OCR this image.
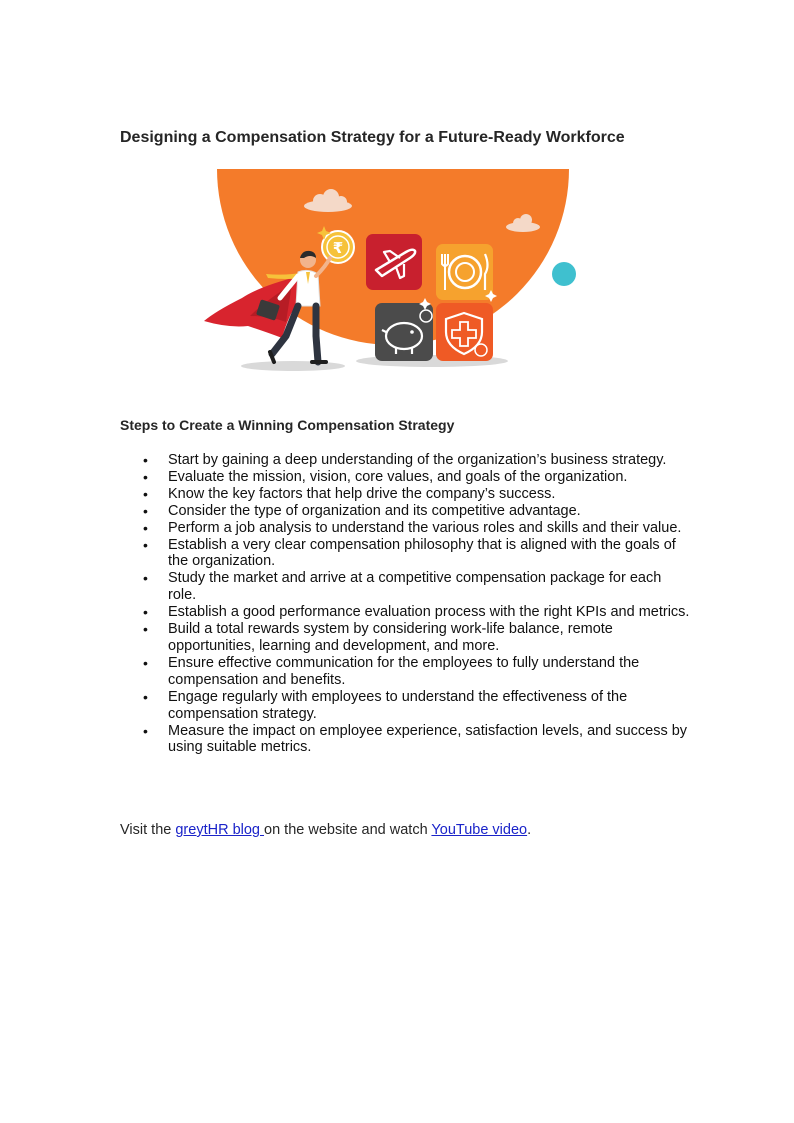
Designing a Compensation Strategy for a Future-Ready Workforce
₹
Steps to Create a Winning Compensation Strategy
• Start by gaining a deep understanding of the organization’s business strategy.
• Evaluate the mission, vision, core values, and goals of the organization.
• Know the key factors that help drive the company’s success.
• Consider the type of organization and its competitive advantage.
• Perform a job analysis to understand the various roles and skills and their value.
• Establish a very clear compensation philosophy that is aligned with the goals of the organization.
• Study the market and arrive at a competitive compensation package for each role.
• Establish a good performance evaluation process with the right KPIs and metrics.
• Build a total rewards system by considering work-life balance, remote opportunities, learning and development, and more.
• Ensure effective communication for the employees to fully understand the compensation and benefits.
• Engage regularly with employees to understand the effectiveness of the compensation strategy.
• Measure the impact on employee experience, satisfaction levels, and success by using suitable metrics.

Visit the greytHR blog on the website and watch YouTube video.
